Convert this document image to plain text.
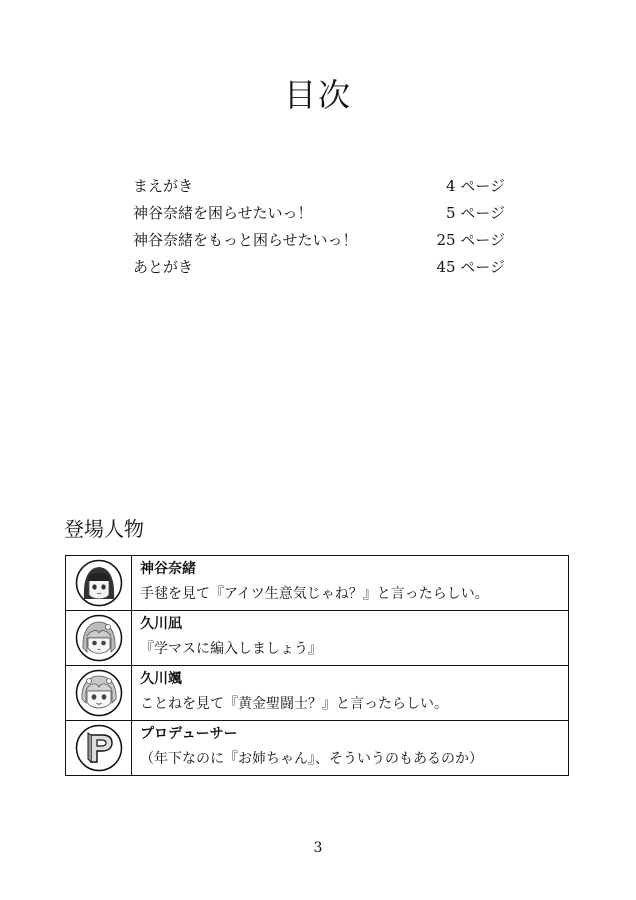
目次
まえがき	4 ページ
神谷奈緒を困らせたいっ！	5 ページ
神谷奈緒をもっと困らせたいっ！	25 ページ
あとがき	45 ページ
登場人物
神谷奈緒
手毬を見て『アイツ生意気じゃね？』と言ったらしい。
久川凪
『学マスに編入しましょう』
久川颯
ことねを見て『黄金聖闘士？』と言ったらしい。
プロデューサー
（年下なのに『お姉ちゃん』、そういうのもあるのか）
3
